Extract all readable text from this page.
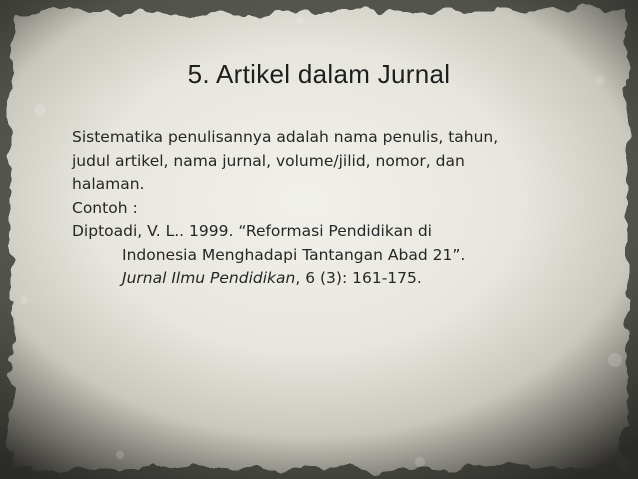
5. Artikel dalam Jurnal

Sistematika penulisannya adalah nama penulis, tahun,

judul artikel, nama jurnal, volume/jilid, nomor, dan

halaman.

Contoh :

Diptoadi, V. L.. 1999. “Reformasi Pendidikan di

Indonesia Menghadapi Tantangan Abad 21”.

Jurnal Ilmu Pendidikan, 6 (3): 161-175.
